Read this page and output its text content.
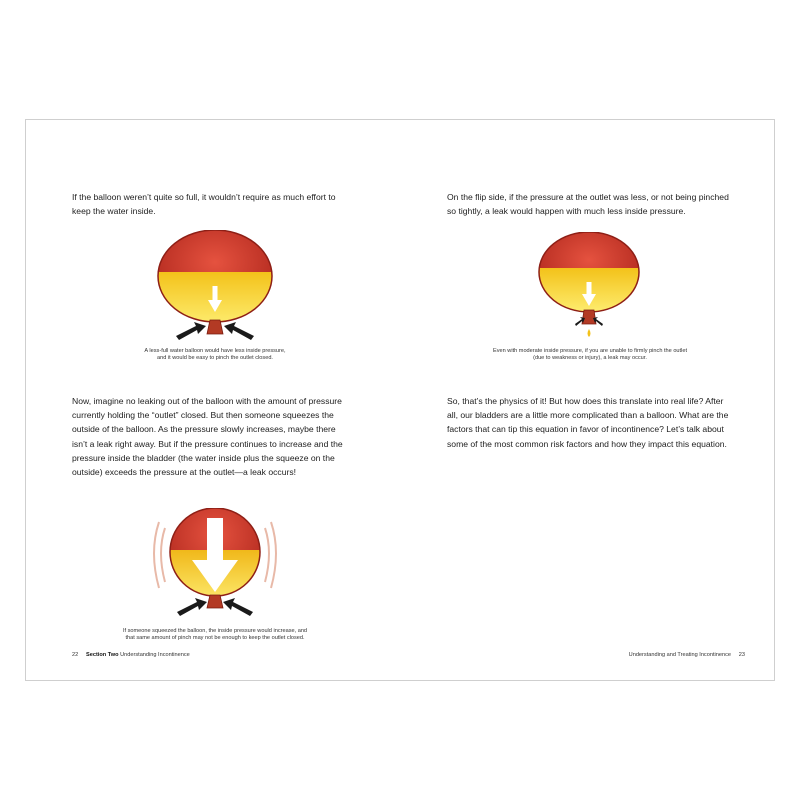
If the balloon weren’t quite so full, it wouldn’t require as much effort to
keep the water inside.
A less-full water balloon would have less inside pressure,
and it would be easy to pinch the outlet closed.
Now, imagine no leaking out of the balloon with the amount of pressure
currently holding the “outlet” closed. But then someone squeezes the
outside of the balloon. As the pressure slowly increases, maybe there
isn’t a leak right away. But if the pressure continues to increase and the
pressure inside the bladder (the water inside plus the squeeze on the
outside) exceeds the pressure at the outlet—a leak occurs!
If someone squeezed the balloon, the inside pressure would increase, and
that same amount of pinch may not be enough to keep the outlet closed.
22 Section Two Understanding Incontinence
On the flip side, if the pressure at the outlet was less, or not being pinched
so tightly, a leak would happen with much less inside pressure.
Even with moderate inside pressure, if you are unable to firmly pinch the outlet
(due to weakness or injury), a leak may occur.
So, that’s the physics of it! But how does this translate into real life? After
all, our bladders are a little more complicated than a balloon. What are the
factors that can tip this equation in favor of incontinence? Let’s talk about
some of the most common risk factors and how they impact this equation.
Understanding and Treating Incontinence 23
